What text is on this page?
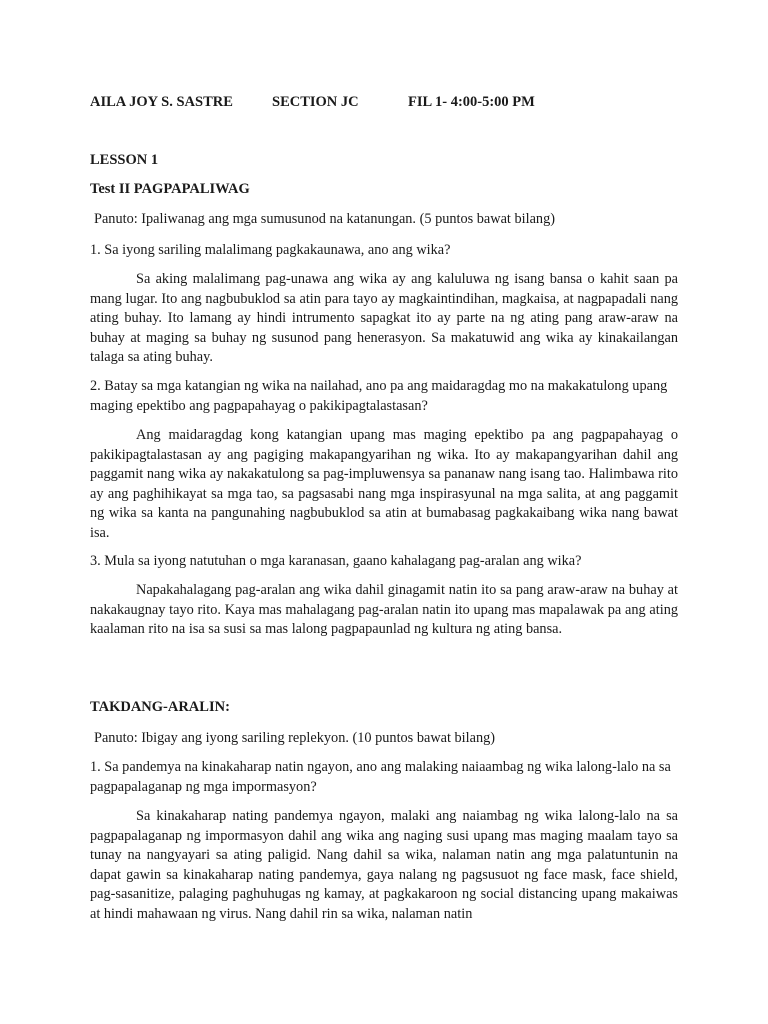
AILA JOY S. SASTRE	SECTION JC	FIL 1- 4:00-5:00 PM

LESSON 1

Test II PAGPAPALIWAG

Panuto: Ipaliwanag ang mga sumusunod na katanungan. (5 puntos bawat bilang)

1. Sa iyong sariling malalimang pagkakaunawa, ano ang wika?

Sa aking malalimang pag-unawa ang wika ay ang kaluluwa ng isang bansa o kahit saan pa mang lugar. Ito ang nagbubuklod sa atin para tayo ay magkaintindihan, magkaisa, at nagpapadali nang ating buhay. Ito lamang ay hindi intrumento sapagkat ito ay parte na ng ating pang araw-araw na buhay at maging sa buhay ng susunod pang henerasyon. Sa makatuwid ang wika ay kinakailangan talaga sa ating buhay.

2. Batay sa mga katangian ng wika na nailahad, ano pa ang maidaragdag mo na makakatulong upang maging epektibo ang pagpapahayag o pakikipagtalastasan?

Ang maidaragdag kong katangian upang mas maging epektibo pa ang pagpapahayag o pakikipagtalastasan ay ang pagiging makapangyarihan ng wika. Ito ay makapangyarihan dahil ang paggamit nang wika ay nakakatulong sa pag-impluwensya sa pananaw nang isang tao. Halimbawa rito ay ang paghihikayat sa mga tao, sa pagsasabi nang mga inspirasyunal na mga salita, at ang paggamit ng wika sa kanta na pangunahing nagbubuklod sa atin at bumabasag pagkakaibang wika nang bawat isa.

3. Mula sa iyong natutuhan o mga karanasan, gaano kahalagang pag-aralan ang wika?

Napakahalagang pag-aralan ang wika dahil ginagamit natin ito sa pang araw-araw na buhay at nakakaugnay tayo rito. Kaya mas mahalagang pag-aralan natin ito upang mas mapalawak pa ang ating kaalaman rito na isa sa susi sa mas lalong pagpapaunlad ng kultura ng ating bansa.

TAKDANG-ARALIN:

Panuto: Ibigay ang iyong sariling replekyon. (10 puntos bawat bilang)

1. Sa pandemya na kinakaharap natin ngayon, ano ang malaking naiaambag ng wika lalong-lalo na sa pagpapalaganap ng mga impormasyon?

Sa kinakaharap nating pandemya ngayon, malaki ang naiambag ng wika lalong-lalo na sa pagpapalaganap ng impormasyon dahil ang wika ang naging susi upang mas maging maalam tayo sa tunay na nangyayari sa ating paligid. Nang dahil sa wika, nalaman natin ang mga palatuntunin na dapat gawin sa kinakaharap nating pandemya, gaya nalang ng pagsusuot ng face mask, face shield, pag-sasanitize, palaging paghuhugas ng kamay, at pagkakaroon ng social distancing upang makaiwas at hindi mahawaan ng virus. Nang dahil rin sa wika, nalaman natin
